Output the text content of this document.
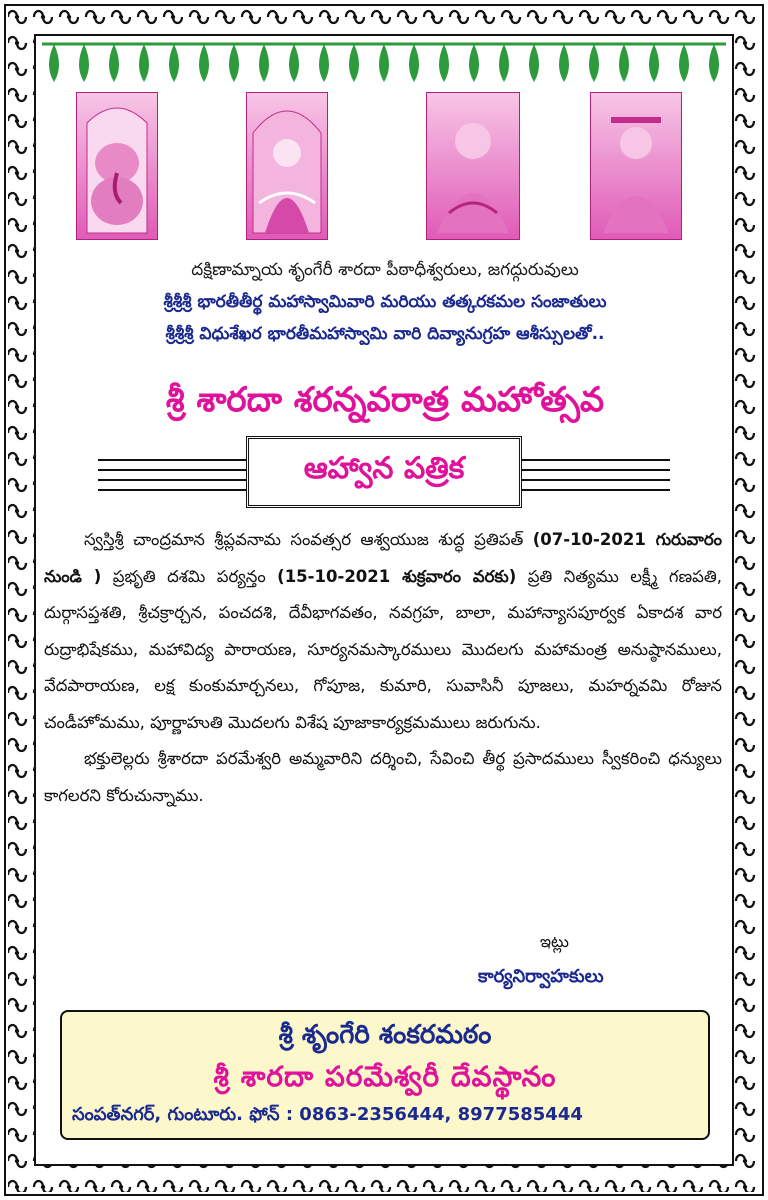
దక్షిణామ్నాయ శృంగేరీ శారదా పీఠాధీశ్వరులు, జగద్గురువులు
శ్రీశ్రీశ్రీ భారతీతీర్థ మహాస్వామివారి మరియు తత్కరకమల సంజాతులు
శ్రీశ్రీశ్రీ విధుశేఖర భారతీమహాస్వామి వారి దివ్యానుగ్రహ ఆశీస్సులతో..
శ్రీ శారదా శరన్నవరాత్ర మహోత్సవ
ఆహ్వాన పత్రిక

స్వస్తిశ్రీ చాంద్రమాన శ్రీప్లవనామ సంవత్సర ఆశ్వయుజ శుద్ధ ప్రతిపత్ (07-10-2021 గురువారం నుండి ) ప్రభృతి దశమి పర్యన్తం (15-10-2021 శుక్రవారం వరకు) ప్రతి నిత్యము లక్ష్మీ గణపతి, దుర్గాసప్తశతి, శ్రీచక్రార్చన, పంచదశి, దేవీభాగవతం, నవగ్రహ, బాలా, మహాన్యాసపూర్వక ఏకాదశ వార రుద్రాభిషేకము, మహావిద్య పారాయణ, సూర్యనమస్కారములు మొదలగు మహామంత్ర అనుష్ఠానములు, వేదపారాయణ, లక్ష కుంకుమార్చనలు, గోపూజ, కుమారి, సువాసినీ పూజలు, మహర్నవమి రోజున చండీహోమము, పూర్ణాహుతి మొదలగు విశేష పూజాకార్యక్రమములు జరుగును.

భక్తులెల్లరు శ్రీశారదా పరమేశ్వరి అమ్మవారిని దర్శించి, సేవించి తీర్థ ప్రసాదములు స్వీకరించి ధన్యులు కాగలరని కోరుచున్నాము.

ఇట్లు
కార్యనిర్వాహకులు
శ్రీ శృంగేరి శంకరమఠం
శ్రీ శారదా పరమేశ్వరీ దేవస్థానం
సంపత్‌నగర్, గుంటూరు. ఫోన్ : 0863-2356444, 8977585444
